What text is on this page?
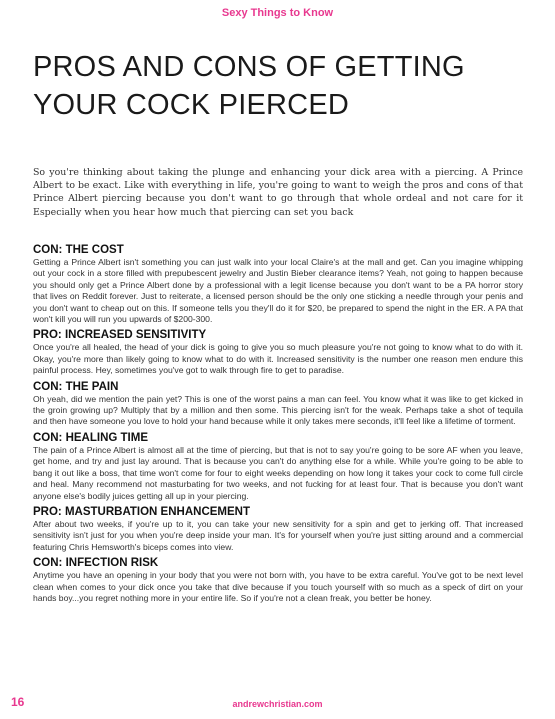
Sexy Things to Know
PROS AND CONS OF GETTING YOUR COCK PIERCED

So you're thinking about taking the plunge and enhancing your dick area with a piercing. A Prince Albert to be exact. Like with everything in life, you're going to want to weigh the pros and cons of that Prince Albert piercing because you don't want to go through that whole ordeal and not care for it Especially when you hear how much that piercing can set you back

CON: THE COST

Getting a Prince Albert isn't something you can just walk into your local Claire's at the mall and get. Can you imagine whipping out your cock in a store filled with prepubescent jewelry and Justin Bieber clearance items? Yeah, not going to happen because you should only get a Prince Albert done by a professional with a legit license because you don't want to be a PA horror story that lives on Reddit forever. Just to reiterate, a licensed person should be the only one sticking a needle through your penis and you don't want to cheap out on this. If someone tells you they'll do it for $20, be prepared to spend the night in the ER. A PA that won't kill you will run you upwards of $200-300.

PRO: INCREASED SENSITIVITY

Once you're all healed, the head of your dick is going to give you so much pleasure you're not going to know what to do with it. Okay, you're more than likely going to know what to do with it. Increased sensitivity is the number one reason men endure this painful process. Hey, sometimes you've got to walk through fire to get to paradise.

CON: THE PAIN

Oh yeah, did we mention the pain yet? This is one of the worst pains a man can feel. You know what it was like to get kicked in the groin growing up? Multiply that by a million and then some. This piercing isn't for the weak. Perhaps take a shot of tequila and then have someone you love to hold your hand because while it only takes mere seconds, it'll feel like a lifetime of torment.

CON: HEALING TIME

The pain of a Prince Albert is almost all at the time of piercing, but that is not to say you're going to be sore AF when you leave, get home, and try and just lay around. That is because you can't do anything else for a while. While you're going to be able to bang it out like a boss, that time won't come for four to eight weeks depending on how long it takes your cock to come full circle and heal. Many recommend not masturbating for two weeks, and not fucking for at least four. That is because you don't want anyone else's bodily juices getting all up in your piercing.

PRO: MASTURBATION ENHANCEMENT

After about two weeks, if you're up to it, you can take your new sensitivity for a spin and get to jerking off. That increased sensitivity isn't just for you when you're deep inside your man. It's for yourself when you're just sitting around and a commercial featuring Chris Hemsworth's biceps comes into view.

CON: INFECTION RISK

Anytime you have an opening in your body that you were not born with, you have to be extra careful. You've got to be next level clean when comes to your dick once you take that dive because if you touch yourself with so much as a speck of dirt on your hands boy...you regret nothing more in your entire life. So if you're not a clean freak, you better be honey.

16	andrewchristian.com
